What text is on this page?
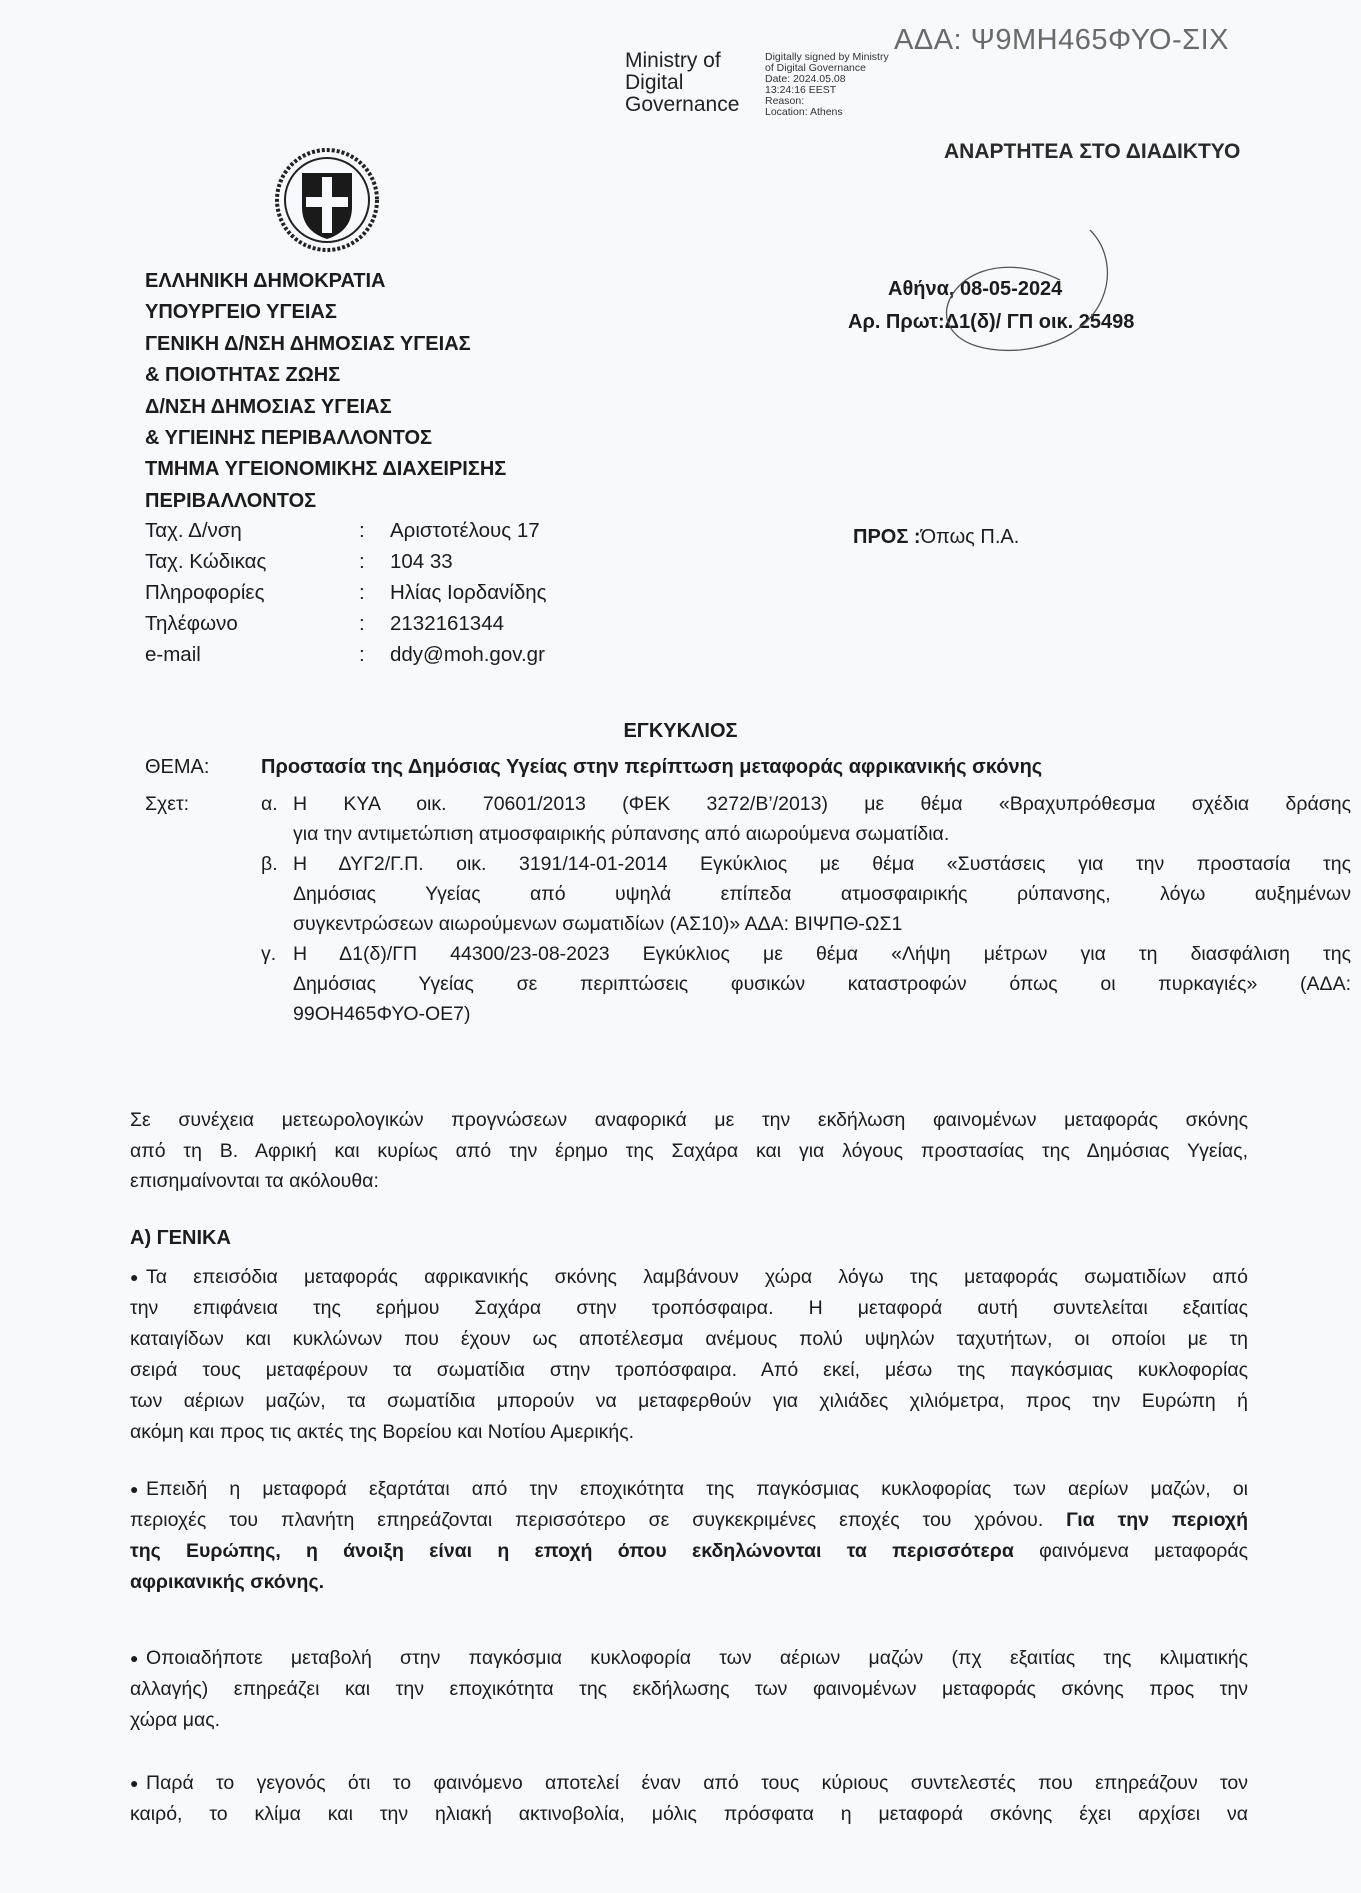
ΑΔΑ: Ψ9ΜΗ465ΦΥΟ-ΣΙΧ
Ministry of
Digital
Governance
Digitally signed by Ministry
of Digital Governance
Date: 2024.05.08
13:24:16 EEST
Reason:
Location: Athens
ΑΝΑΡΤΗΤΕΑ ΣΤΟ ΔΙΑΔΙΚΤΥΟ
ΕΛΛΗΝΙΚΗ ΔΗΜΟΚΡΑΤΙΑ
ΥΠΟΥΡΓΕΙΟ ΥΓΕΙΑΣ
ΓΕΝΙΚΗ Δ/ΝΣΗ ΔΗΜΟΣΙΑΣ ΥΓΕΙΑΣ
& ΠΟΙΟΤΗΤΑΣ ΖΩΗΣ
Δ/ΝΣΗ ΔΗΜΟΣΙΑΣ ΥΓΕΙΑΣ
& ΥΓΙΕΙΝΗΣ ΠΕΡΙΒΑΛΛΟΝΤΟΣ
ΤΜΗΜΑ ΥΓΕΙΟΝΟΜΙΚΗΣ ΔΙΑΧΕΙΡΙΣΗΣ
ΠΕΡΙΒΑΛΛΟΝΤΟΣ
Αθήνα, 08-05-2024
Αρ. Πρωτ:Δ1(δ)/ ΓΠ οικ. 25498
Ταχ. Δ/νση	: Αριστοτέλους 17
Ταχ. Κώδικας	: 104 33
Πληροφορίες	: Ηλίας Ιορδανίδης
Τηλέφωνο	: 2132161344
e-mail	: ddy@moh.gov.gr
ΠΡΟΣ :Όπως Π.Α.
ΕΓΚΥΚΛΙΟΣ
ΘΕΜΑ:	Προστασία της Δημόσιας Υγείας στην περίπτωση μεταφοράς αφρικανικής σκόνης
Σχετ:	α. Η ΚΥΑ οικ. 70601/2013 (ΦΕΚ 3272/Β’/2013) με θέμα «Βραχυπρόθεσμα σχέδια δράσης
για την αντιμετώπιση ατμοσφαιρικής ρύπανσης από αιωρούμενα σωματίδια.
β. Η ΔΥΓ2/Γ.Π. οικ. 3191/14-01-2014 Εγκύκλιος με θέμα «Συστάσεις για την προστασία της
Δημόσιας Υγείας από υψηλά επίπεδα ατμοσφαιρικής ρύπανσης, λόγω αυξημένων
συγκεντρώσεων αιωρούμενων σωματιδίων (ΑΣ10)» ΑΔΑ: ΒΙΨΠΘ-ΩΣ1
γ. Η Δ1(δ)/ΓΠ 44300/23-08-2023 Εγκύκλιος με θέμα «Λήψη μέτρων για τη διασφάλιση της
Δημόσιας Υγείας σε περιπτώσεις φυσικών καταστροφών όπως οι πυρκαγιές» (ΑΔΑ:
99ΟΗ465ΦΥΟ-ΟΕ7)
Σε συνέχεια μετεωρολογικών προγνώσεων αναφορικά με την εκδήλωση φαινομένων μεταφοράς σκόνης
από τη Β. Αφρική και κυρίως από την έρημο της Σαχάρα και για λόγους προστασίας της Δημόσιας Υγείας,
επισημαίνονται τα ακόλουθα:
Α) ΓΕΝΙΚΑ
● Τα επεισόδια μεταφοράς αφρικανικής σκόνης λαμβάνουν χώρα λόγω της μεταφοράς σωματιδίων από
την επιφάνεια της ερήμου Σαχάρα στην τροπόσφαιρα. Η μεταφορά αυτή συντελείται εξαιτίας
καταιγίδων και κυκλώνων που έχουν ως αποτέλεσμα ανέμους πολύ υψηλών ταχυτήτων, οι οποίοι με τη
σειρά τους μεταφέρουν τα σωματίδια στην τροπόσφαιρα. Από εκεί, μέσω της παγκόσμιας κυκλοφορίας
των αέριων μαζών, τα σωματίδια μπορούν να μεταφερθούν για χιλιάδες χιλιόμετρα, προς την Ευρώπη ή
ακόμη και προς τις ακτές της Βορείου και Νοτίου Αμερικής.
● Επειδή η μεταφορά εξαρτάται από την εποχικότητα της παγκόσμιας κυκλοφορίας των αερίων μαζών, οι
περιοχές του πλανήτη επηρεάζονται περισσότερο σε συγκεκριμένες εποχές του χρόνου. Για την περιοχή
της Ευρώπης, η άνοιξη είναι η εποχή όπου εκδηλώνονται τα περισσότερα φαινόμενα μεταφοράς
αφρικανικής σκόνης.
● Οποιαδήποτε μεταβολή στην παγκόσμια κυκλοφορία των αέριων μαζών (πχ εξαιτίας της κλιματικής
αλλαγής) επηρεάζει και την εποχικότητα της εκδήλωσης των φαινομένων μεταφοράς σκόνης προς την
χώρα μας.
● Παρά το γεγονός ότι το φαινόμενο αποτελεί έναν από τους κύριους συντελεστές που επηρεάζουν τον
καιρό, το κλίμα και την ηλιακή ακτινοβολία, μόλις πρόσφατα η μεταφορά σκόνης έχει αρχίσει να
